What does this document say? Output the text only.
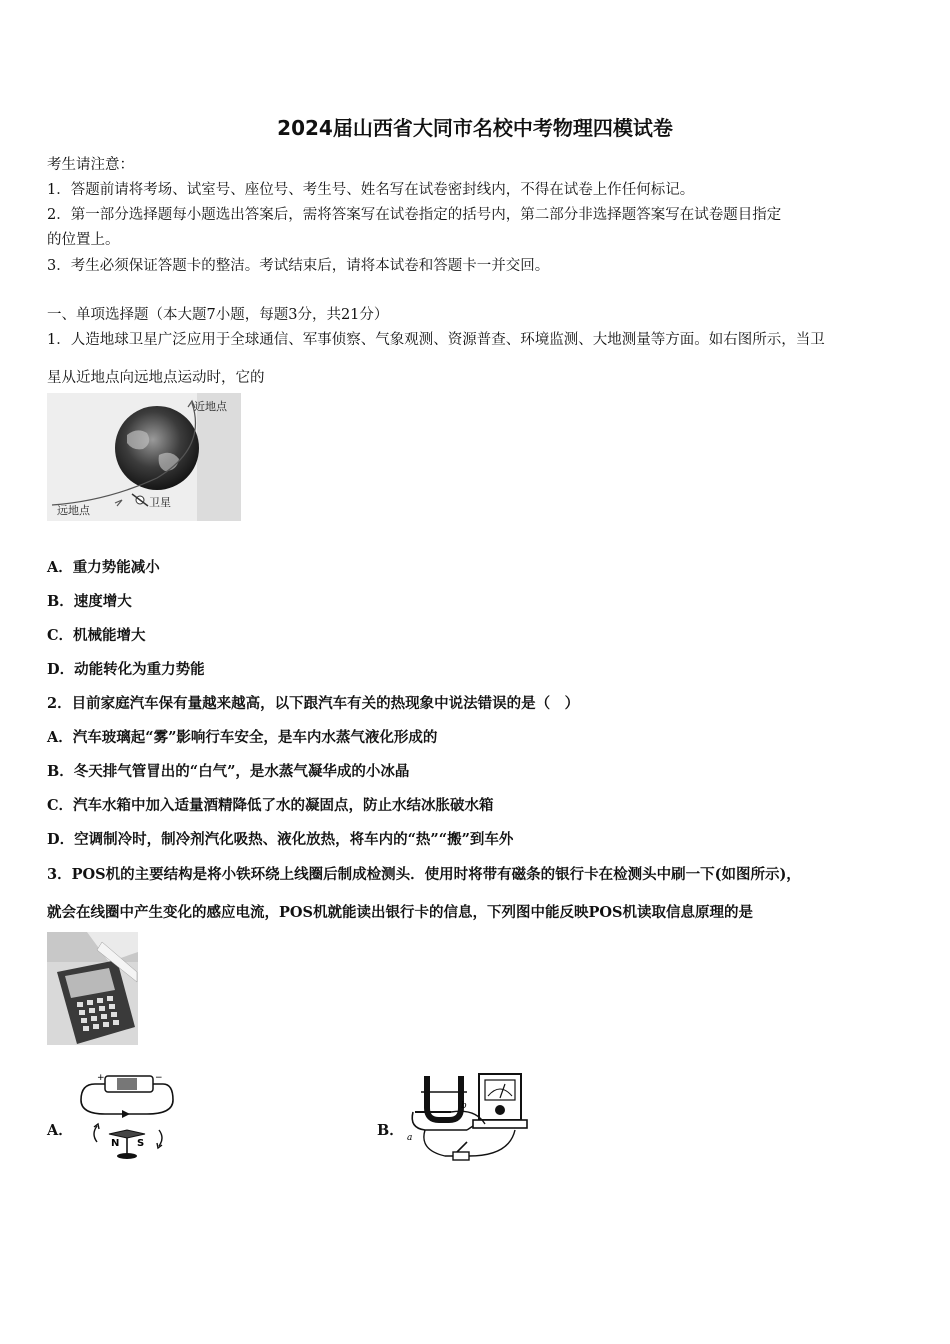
2024届山西省大同市名校中考物理四模试卷
考生请注意：
1．答题前请将考场、试室号、座位号、考生号、姓名写在试卷密封线内，不得在试卷上作任何标记。
2．第一部分选择题每小题选出答案后，需将答案写在试卷指定的括号内，第二部分非选择题答案写在试卷题目指定
的位置上。
3．考生必须保证答题卡的整洁。考试结束后，请将本试卷和答题卡一并交回。
一、单项选择题（本大题7小题，每题3分，共21分）
1．人造地球卫星广泛应用于全球通信、军事侦察、气象观测、资源普查、环境监测、大地测量等方面。如右图所示，当卫
星从近地点向远地点运动时，它的
近地点
远地点
卫星
A．重力势能减小
B．速度增大
C．机械能增大
D．动能转化为重力势能
2．目前家庭汽车保有量越来越高，以下跟汽车有关的热现象中说法错误的是（　）
A．汽车玻璃起“雾”影响行车安全，是车内水蒸气液化形成的
B．冬天排气管冒出的“白气”，是水蒸气凝华成的小冰晶
C．汽车水箱中加入适量酒精降低了水的凝固点，防止水结冰胀破水箱
D．空调制冷时，制冷剂汽化吸热、液化放热，将车内的“热”“搬”到车外
3．POS机的主要结构是将小铁环绕上线圈后制成检测头．使用时将带有磁条的银行卡在检测头中刷一下(如图所示)，
就会在线圈中产生变化的感应电流，POS机就能读出银行卡的信息，下列图中能反映POS机读取信息原理的是
A．
+	−
N S
B． a
b
